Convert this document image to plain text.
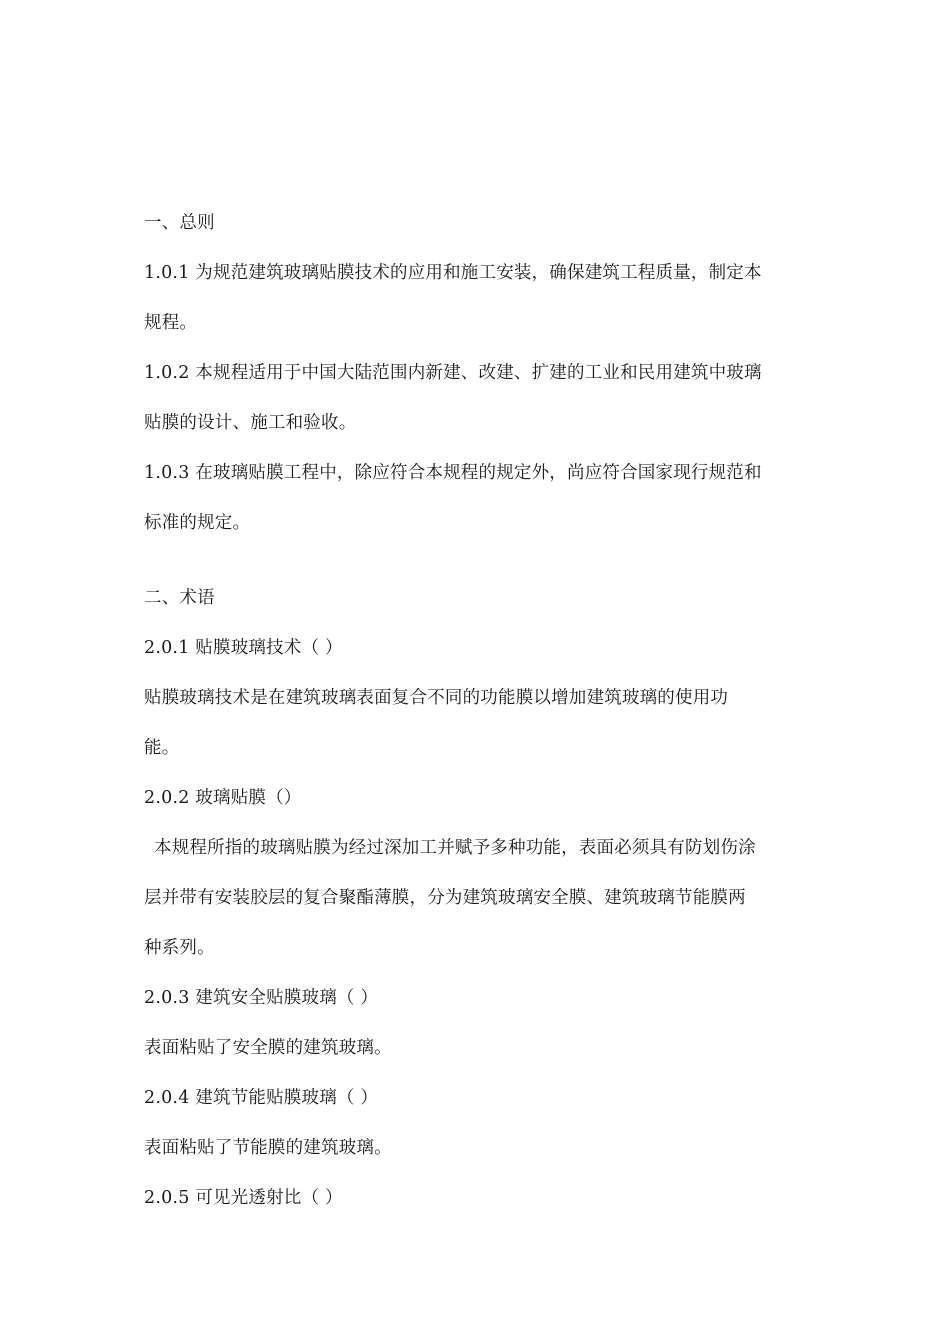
一、总则
1.0.1 为规范建筑玻璃贴膜技术的应用和施工安装，确保建筑工程质量，制定本
规程。
1.0.2 本规程适用于中国大陆范围内新建、改建、扩建的工业和民用建筑中玻璃
贴膜的设计、施工和验收。
1.0.3 在玻璃贴膜工程中，除应符合本规程的规定外，尚应符合国家现行规范和
标准的规定。
二、术语
2.0.1 贴膜玻璃技术（ ）
贴膜玻璃技术是在建筑玻璃表面复合不同的功能膜以增加建筑玻璃的使用功
能。
2.0.2 玻璃贴膜（）
本规程所指的玻璃贴膜为经过深加工并赋予多种功能，表面必须具有防划伤涂
层并带有安装胶层的复合聚酯薄膜，分为建筑玻璃安全膜、建筑玻璃节能膜两
种系列。
2.0.3 建筑安全贴膜玻璃（ ）
表面粘贴了安全膜的建筑玻璃。
2.0.4 建筑节能贴膜玻璃（ ）
表面粘贴了节能膜的建筑玻璃。
2.0.5 可见光透射比（ ）
